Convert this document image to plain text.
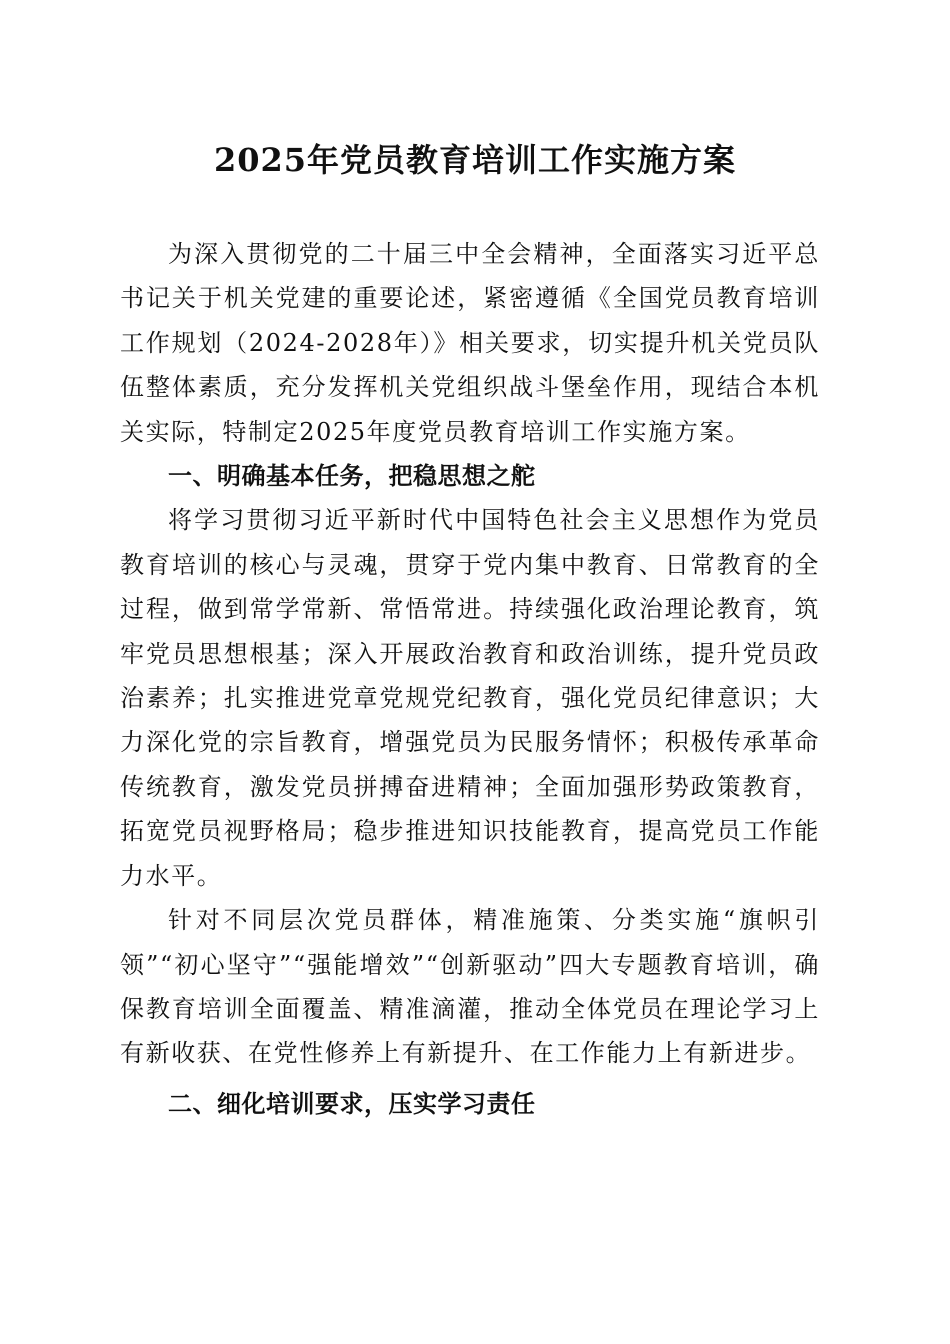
2025年党员教育培训工作实施方案

为深入贯彻党的二十届三中全会精神，全面落实习近平总书记关于机关党建的重要论述，紧密遵循《全国党员教育培训工作规划（2024-2028年）》相关要求，切实提升机关党员队伍整体素质，充分发挥机关党组织战斗堡垒作用，现结合本机关实际，特制定2025年度党员教育培训工作实施方案。

一、明确基本任务，把稳思想之舵

将学习贯彻习近平新时代中国特色社会主义思想作为党员教育培训的核心与灵魂，贯穿于党内集中教育、日常教育的全过程，做到常学常新、常悟常进。持续强化政治理论教育，筑牢党员思想根基；深入开展政治教育和政治训练，提升党员政治素养；扎实推进党章党规党纪教育，强化党员纪律意识；大力深化党的宗旨教育，增强党员为民服务情怀；积极传承革命传统教育，激发党员拼搏奋进精神；全面加强形势政策教育，拓宽党员视野格局；稳步推进知识技能教育，提高党员工作能力水平。

针对不同层次党员群体，精准施策、分类实施“旗帜引领”“初心坚守”“强能增效”“创新驱动”四大专题教育培训，确保教育培训全面覆盖、精准滴灌，推动全体党员在理论学习上有新收获、在党性修养上有新提升、在工作能力上有新进步。

二、细化培训要求，压实学习责任
